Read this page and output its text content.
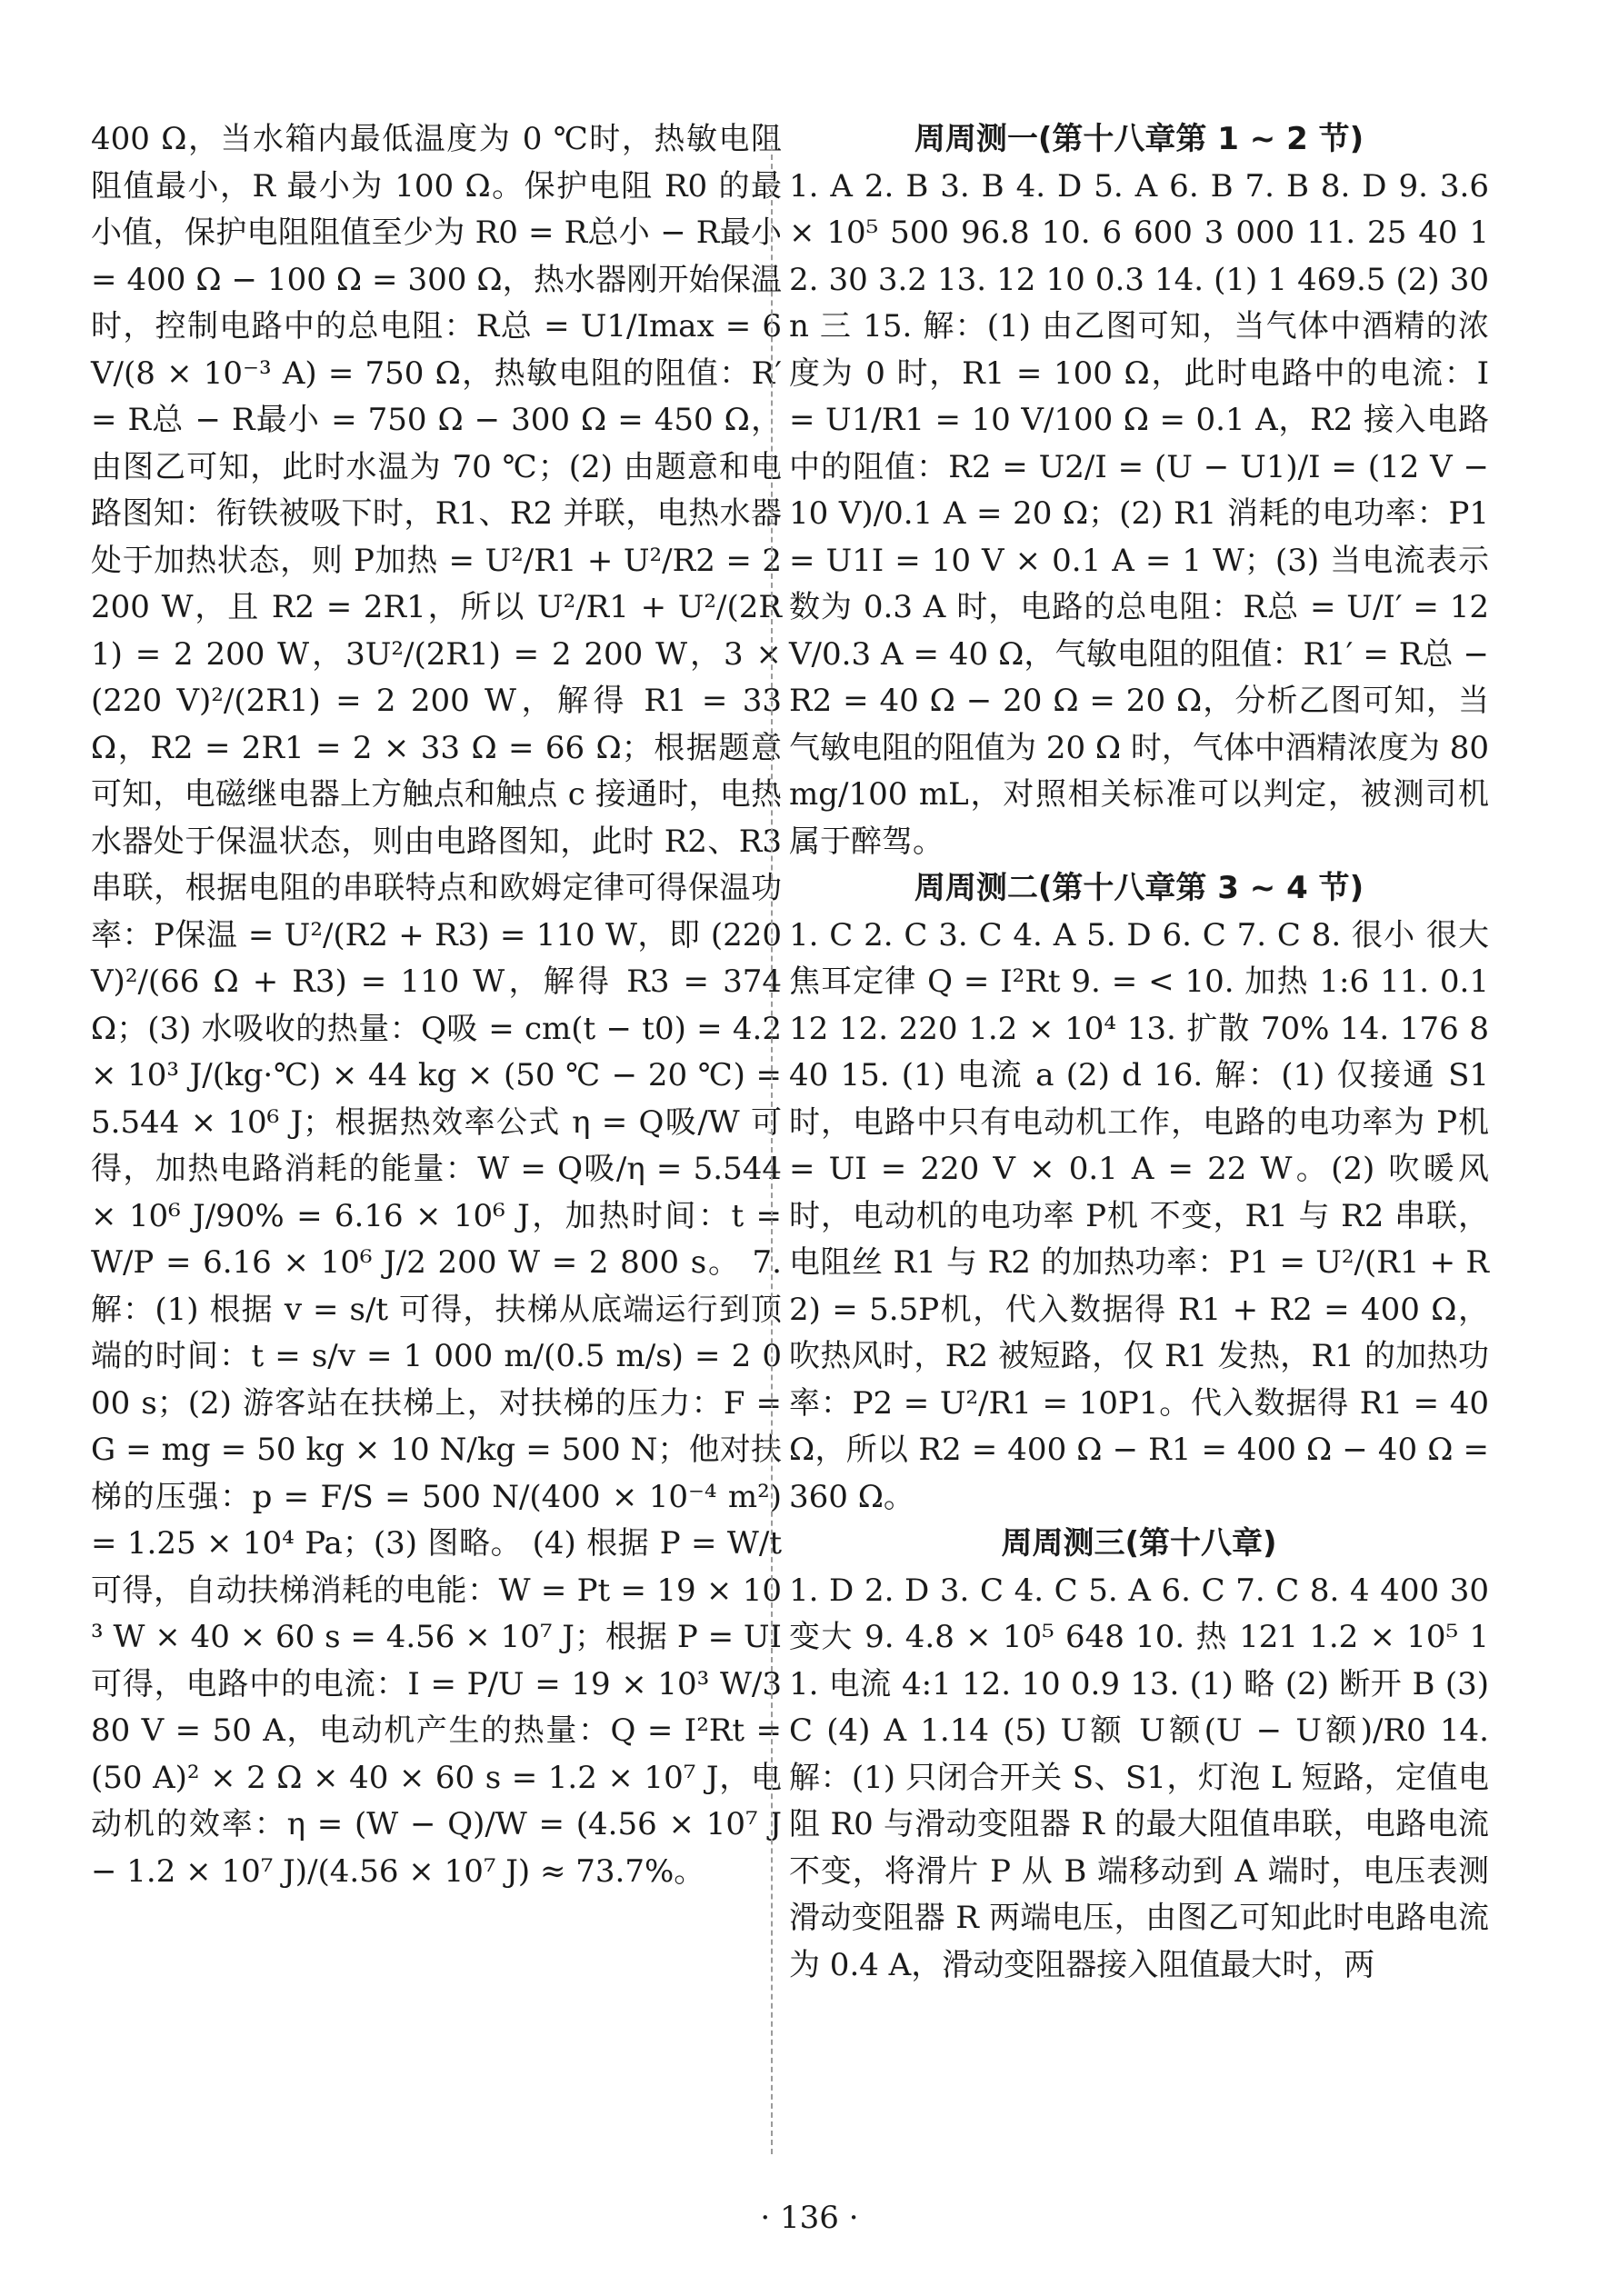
400 Ω，当水箱内最低温度为 0 ℃时，热敏电阻阻值最小，R 最小为 100 Ω。保护电阻 R0 的最小值，保护电阻阻值至少为 R0 = R总小 − R最小 = 400 Ω − 100 Ω = 300 Ω，热水器刚开始保温时，控制电路中的总电阻：R总 = U1/Imax = 6 V/(8 × 10⁻³ A) = 750 Ω，热敏电阻的阻值：R′ = R总 − R最小 = 750 Ω − 300 Ω = 450 Ω，由图乙可知，此时水温为 70 ℃；(2) 由题意和电路图知：衔铁被吸下时，R1、R2 并联，电热水器处于加热状态，则 P加热 = U²/R1 + U²/R2 = 2 200 W，且 R2 = 2R1，所以 U²/R1 + U²/(2R1) = 2 200 W，3U²/(2R1) = 2 200 W，3 × (220 V)²/(2R1) = 2 200 W，解得 R1 = 33 Ω，R2 = 2R1 = 2 × 33 Ω = 66 Ω；根据题意可知，电磁继电器上方触点和触点 c 接通时，电热水器处于保温状态，则由电路图知，此时 R2、R3 串联，根据电阻的串联特点和欧姆定律可得保温功率：P保温 = U²/(R2 + R3) = 110 W，即 (220 V)²/(66 Ω + R3) = 110 W，解得 R3 = 374 Ω；(3) 水吸收的热量：Q吸 = cm(t − t0) = 4.2 × 10³ J/(kg·℃) × 44 kg × (50 ℃ − 20 ℃) = 5.544 × 10⁶ J；根据热效率公式 η = Q吸/W 可得，加热电路消耗的能量：W = Q吸/η = 5.544 × 10⁶ J/90% = 6.16 × 10⁶ J，加热时间：t = W/P = 6.16 × 10⁶ J/2 200 W = 2 800 s。 7. 解：(1) 根据 v = s/t 可得，扶梯从底端运行到顶端的时间：t = s/v = 1 000 m/(0.5 m/s) = 2 000 s；(2) 游客站在扶梯上，对扶梯的压力：F = G = mg = 50 kg × 10 N/kg = 500 N；他对扶梯的压强：p = F/S = 500 N/(400 × 10⁻⁴ m²) = 1.25 × 10⁴ Pa；(3) 图略。 (4) 根据 P = W/t 可得，自动扶梯消耗的电能：W = Pt = 19 × 10³ W × 40 × 60 s = 4.56 × 10⁷ J；根据 P = UI 可得，电路中的电流：I = P/U = 19 × 10³ W/380 V = 50 A，电动机产生的热量：Q = I²Rt = (50 A)² × 2 Ω × 40 × 60 s = 1.2 × 10⁷ J，电动机的效率：η = (W − Q)/W = (4.56 × 10⁷ J − 1.2 × 10⁷ J)/(4.56 × 10⁷ J) ≈ 73.7%。

周周测一(第十八章第 1 ~ 2 节)

1. A 2. B 3. B 4. D 5. A 6. B 7. B 8. D 9. 3.6 × 10⁵ 500 96.8 10. 6 600 3 000 11. 25 40 12. 30 3.2 13. 12 10 0.3 14. (1) 1 469.5 (2) 30 n 三 15. 解：(1) 由乙图可知，当气体中酒精的浓度为 0 时，R1 = 100 Ω，此时电路中的电流：I = U1/R1 = 10 V/100 Ω = 0.1 A，R2 接入电路中的阻值：R2 = U2/I = (U − U1)/I = (12 V − 10 V)/0.1 A = 20 Ω；(2) R1 消耗的电功率：P1 = U1I = 10 V × 0.1 A = 1 W；(3) 当电流表示数为 0.3 A 时，电路的总电阻：R总 = U/I′ = 12 V/0.3 A = 40 Ω，气敏电阻的阻值：R1′ = R总 − R2 = 40 Ω − 20 Ω = 20 Ω，分析乙图可知，当气敏电阻的阻值为 20 Ω 时，气体中酒精浓度为 80 mg/100 mL，对照相关标准可以判定，被测司机属于醉驾。

周周测二(第十八章第 3 ~ 4 节)

1. C 2. C 3. C 4. A 5. D 6. C 7. C 8. 很小 很大 焦耳定律 Q = I²Rt 9. = < 10. 加热 1:6 11. 0.1 12 12. 220 1.2 × 10⁴ 13. 扩散 70% 14. 176 840 15. (1) 电流 a (2) d 16. 解：(1) 仅接通 S1 时，电路中只有电动机工作，电路的电功率为 P机 = UI = 220 V × 0.1 A = 22 W。(2) 吹暖风时，电动机的电功率 P机 不变，R1 与 R2 串联，电阻丝 R1 与 R2 的加热功率：P1 = U²/(R1 + R2) = 5.5P机，代入数据得 R1 + R2 = 400 Ω，吹热风时，R2 被短路，仅 R1 发热，R1 的加热功率：P2 = U²/R1 = 10P1。代入数据得 R1 = 40 Ω，所以 R2 = 400 Ω − R1 = 400 Ω − 40 Ω = 360 Ω。

周周测三(第十八章)

1. D 2. D 3. C 4. C 5. A 6. C 7. C 8. 4 400 30 变大 9. 4.8 × 10⁵ 648 10. 热 121 1.2 × 10⁵ 11. 电流 4:1 12. 10 0.9 13. (1) 略 (2) 断开 B (3) C (4) A 1.14 (5) U额 U额(U − U额)/R0 14. 解：(1) 只闭合开关 S、S1，灯泡 L 短路，定值电阻 R0 与滑动变阻器 R 的最大阻值串联，电路电流不变，将滑片 P 从 B 端移动到 A 端时，电压表测滑动变阻器 R 两端电压，由图乙可知此时电路电流为 0.4 A，滑动变阻器接入阻值最大时，两

· 136 ·
